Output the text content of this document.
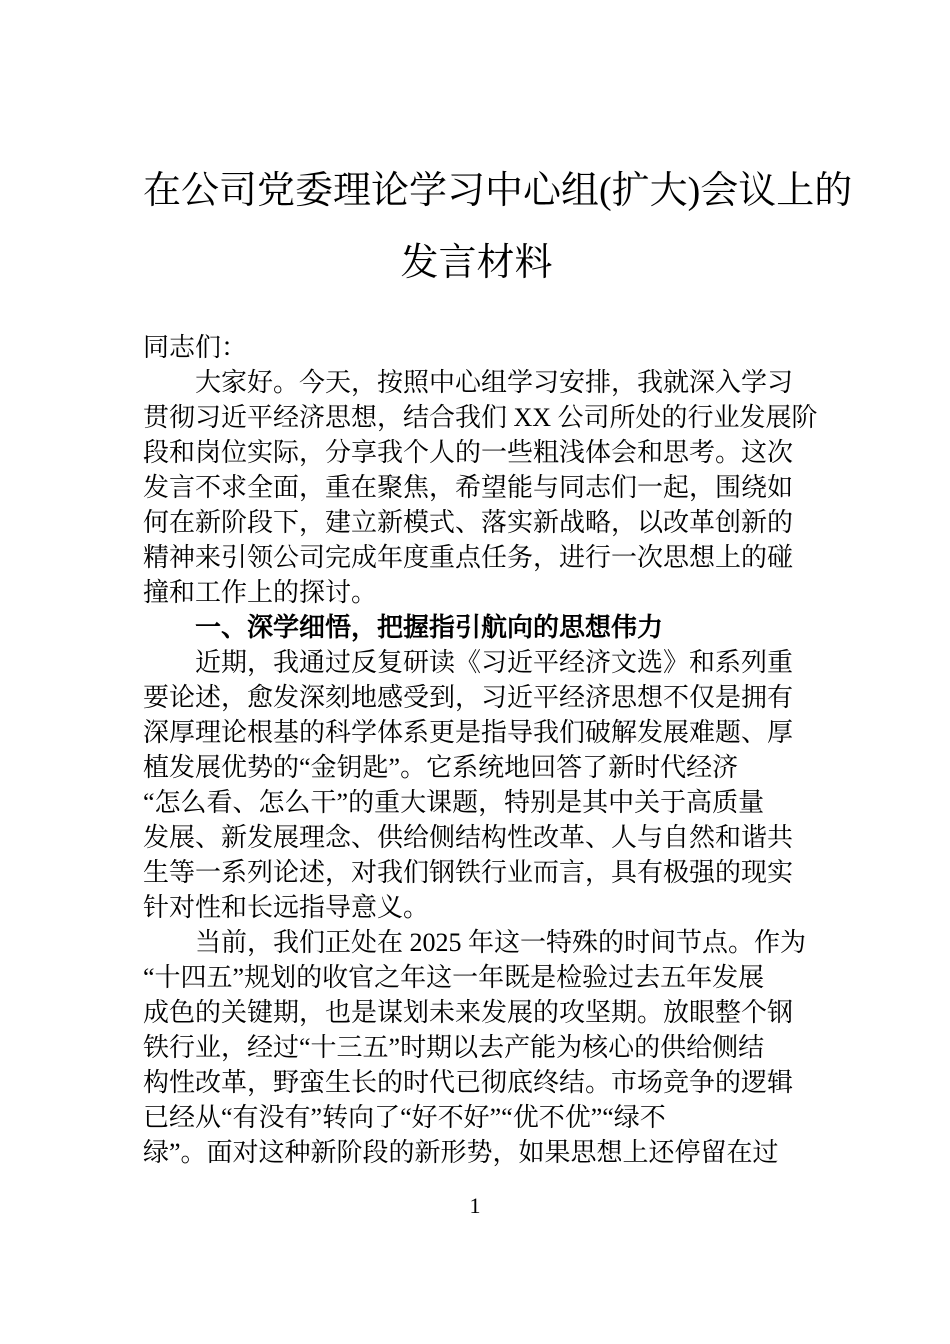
在公司党委理论学习中心组(扩大)会议上的
发言材料
同志们：
大家好。今天，按照中心组学习安排，我就深入学习
贯彻习近平经济思想，结合我们 XX 公司所处的行业发展阶
段和岗位实际，分享我个人的一些粗浅体会和思考。这次
发言不求全面，重在聚焦，希望能与同志们一起，围绕如
何在新阶段下，建立新模式、落实新战略，以改革创新的
精神来引领公司完成年度重点任务，进行一次思想上的碰
撞和工作上的探讨。
一、深学细悟，把握指引航向的思想伟力
近期，我通过反复研读《习近平经济文选》和系列重
要论述，愈发深刻地感受到，习近平经济思想不仅是拥有
深厚理论根基的科学体系更是指导我们破解发展难题、厚
植发展优势的“金钥匙”。它系统地回答了新时代经济
“怎么看、怎么干”的重大课题，特别是其中关于高质量
发展、新发展理念、供给侧结构性改革、人与自然和谐共
生等一系列论述，对我们钢铁行业而言，具有极强的现实
针对性和长远指导意义。
当前，我们正处在 2025 年这一特殊的时间节点。作为
“十四五”规划的收官之年这一年既是检验过去五年发展
成色的关键期，也是谋划未来发展的攻坚期。放眼整个钢
铁行业，经过“十三五”时期以去产能为核心的供给侧结
构性改革，野蛮生长的时代已彻底终结。市场竞争的逻辑
已经从“有没有”转向了“好不好”“优不优”“绿不
绿”。面对这种新阶段的新形势，如果思想上还停留在过
1
